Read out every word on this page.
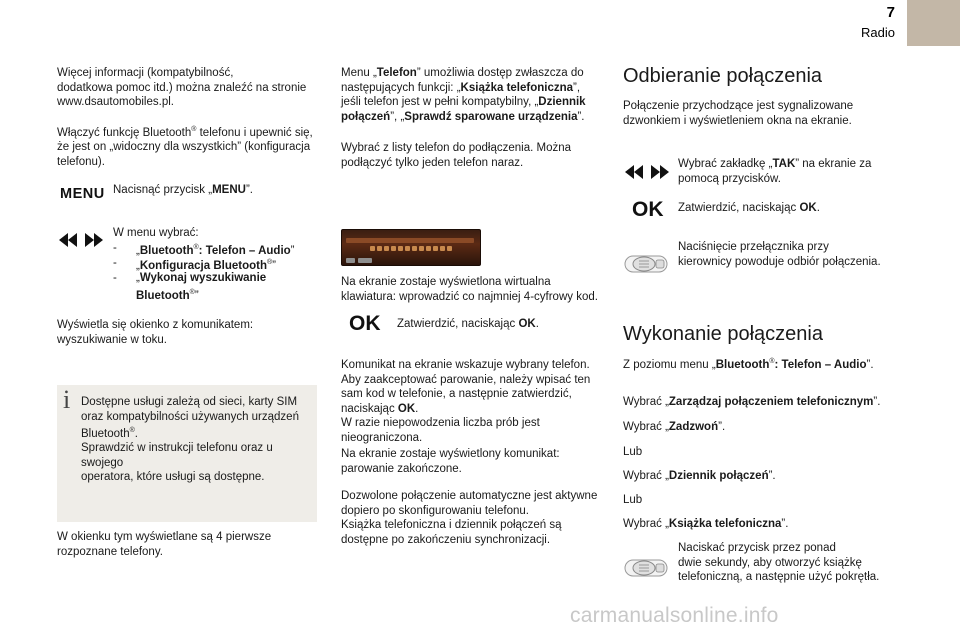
7
Radio

Więcej informacji (kompatybilność,
dodatkowa pomoc itd.) można znaleźć na stronie
www.dsautomobiles.pl.

Włączyć funkcję Bluetooth® telefonu i upewnić się,
że jest on „widoczny dla wszystkich” (konfiguracja
telefonu).

MENU Nacisnąć przycisk „MENU”.

W menu wybrać:

- „Bluetooth®: Telefon – Audio”
- „Konfiguracja Bluetooth®”
- „Wykonaj wyszukiwanie
Bluetooth®”

Wyświetla się okienko z komunikatem:
wyszukiwanie w toku.

i Dostępne usługi zależą od sieci, karty SIM
oraz kompatybilności używanych urządzeń
Bluetooth®.
Sprawdzić w instrukcji telefonu oraz u swojego
operatora, które usługi są dostępne.

W okienku tym wyświetlane są 4 pierwsze
rozpoznane telefony.

Menu „Telefon” umożliwia dostęp zwłaszcza do
następujących funkcji: „Książka telefoniczna”,
jeśli telefon jest w pełni kompatybilny, „Dziennik
połączeń”, „Sprawdź sparowane urządzenia”.

Wybrać z listy telefon do podłączenia. Można
podłączyć tylko jeden telefon naraz.

Na ekranie zostaje wyświetlona wirtualna
klawiatura: wprowadzić co najmniej 4-cyfrowy kod.

OK Zatwierdzić, naciskając OK.

Komunikat na ekranie wskazuje wybrany telefon.
Aby zaakceptować parowanie, należy wpisać ten
sam kod w telefonie, a następnie zatwierdzić,
naciskając OK.
W razie niepowodzenia liczba prób jest
nieograniczona.

Na ekranie zostaje wyświetlony komunikat:
parowanie zakończone.

Dozwolone połączenie automatyczne jest aktywne
dopiero po skonfigurowaniu telefonu.
Książka telefoniczna i dziennik połączeń są
dostępne po zakończeniu synchronizacji.

Odbieranie połączenia

Połączenie przychodzące jest sygnalizowane
dzwonkiem i wyświetleniem okna na ekranie.

Wybrać zakładkę „TAK” na ekranie za
pomocą przycisków.

OK Zatwierdzić, naciskając OK.

Naciśnięcie przełącznika przy
kierownicy powoduje odbiór połączenia.

Wykonanie połączenia

Z poziomu menu „Bluetooth®: Telefon – Audio”.

Wybrać „Zarządzaj połączeniem telefonicznym”.

Wybrać „Zadzwoń”.

Lub

Wybrać „Dziennik połączeń”.

Lub

Wybrać „Książka telefoniczna”.

Naciskać przycisk przez ponad
dwie sekundy, aby otworzyć książkę
telefoniczną, a następnie użyć pokrętła.

carmanualsonline.info
